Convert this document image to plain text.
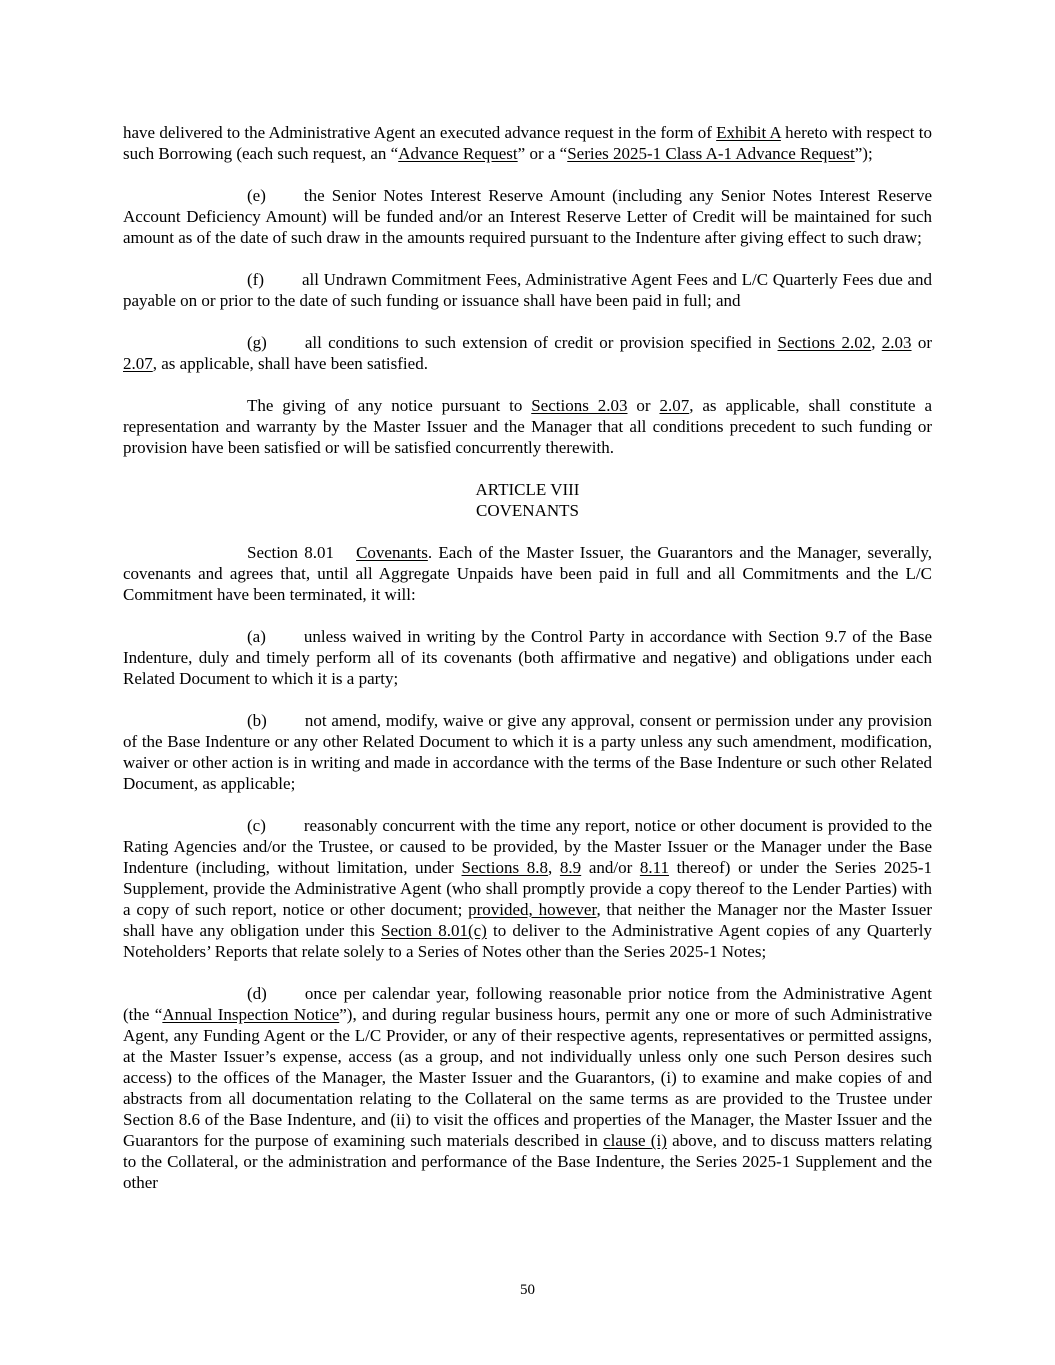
have delivered to the Administrative Agent an executed advance request in the form of Exhibit A hereto with respect to such Borrowing (each such request, an “Advance Request” or a “Series 2025-1 Class A-1 Advance Request”);

(e) the Senior Notes Interest Reserve Amount (including any Senior Notes Interest Reserve Account Deficiency Amount) will be funded and/or an Interest Reserve Letter of Credit will be maintained for such amount as of the date of such draw in the amounts required pursuant to the Indenture after giving effect to such draw;

(f) all Undrawn Commitment Fees, Administrative Agent Fees and L/C Quarterly Fees due and payable on or prior to the date of such funding or issuance shall have been paid in full; and

(g) all conditions to such extension of credit or provision specified in Sections 2.02, 2.03 or 2.07, as applicable, shall have been satisfied.

The giving of any notice pursuant to Sections 2.03 or 2.07, as applicable, shall constitute a representation and warranty by the Master Issuer and the Manager that all conditions precedent to such funding or provision have been satisfied or will be satisfied concurrently therewith.

ARTICLE VIII
COVENANTS

Section 8.01 Covenants. Each of the Master Issuer, the Guarantors and the Manager, severally, covenants and agrees that, until all Aggregate Unpaids have been paid in full and all Commitments and the L/C Commitment have been terminated, it will:

(a) unless waived in writing by the Control Party in accordance with Section 9.7 of the Base Indenture, duly and timely perform all of its covenants (both affirmative and negative) and obligations under each Related Document to which it is a party;

(b) not amend, modify, waive or give any approval, consent or permission under any provision of the Base Indenture or any other Related Document to which it is a party unless any such amendment, modification, waiver or other action is in writing and made in accordance with the terms of the Base Indenture or such other Related Document, as applicable;

(c) reasonably concurrent with the time any report, notice or other document is provided to the Rating Agencies and/or the Trustee, or caused to be provided, by the Master Issuer or the Manager under the Base Indenture (including, without limitation, under Sections 8.8, 8.9 and/or 8.11 thereof) or under the Series 2025-1 Supplement, provide the Administrative Agent (who shall promptly provide a copy thereof to the Lender Parties) with a copy of such report, notice or other document; provided, however, that neither the Manager nor the Master Issuer shall have any obligation under this Section 8.01(c) to deliver to the Administrative Agent copies of any Quarterly Noteholders’ Reports that relate solely to a Series of Notes other than the Series 2025-1 Notes;

(d) once per calendar year, following reasonable prior notice from the Administrative Agent (the “Annual Inspection Notice”), and during regular business hours, permit any one or more of such Administrative Agent, any Funding Agent or the L/C Provider, or any of their respective agents, representatives or permitted assigns, at the Master Issuer’s expense, access (as a group, and not individually unless only one such Person desires such access) to the offices of the Manager, the Master Issuer and the Guarantors, (i) to examine and make copies of and abstracts from all documentation relating to the Collateral on the same terms as are provided to the Trustee under Section 8.6 of the Base Indenture, and (ii) to visit the offices and properties of the Manager, the Master Issuer and the Guarantors for the purpose of examining such materials described in clause (i) above, and to discuss matters relating to the Collateral, or the administration and performance of the Base Indenture, the Series 2025-1 Supplement and the other

50
